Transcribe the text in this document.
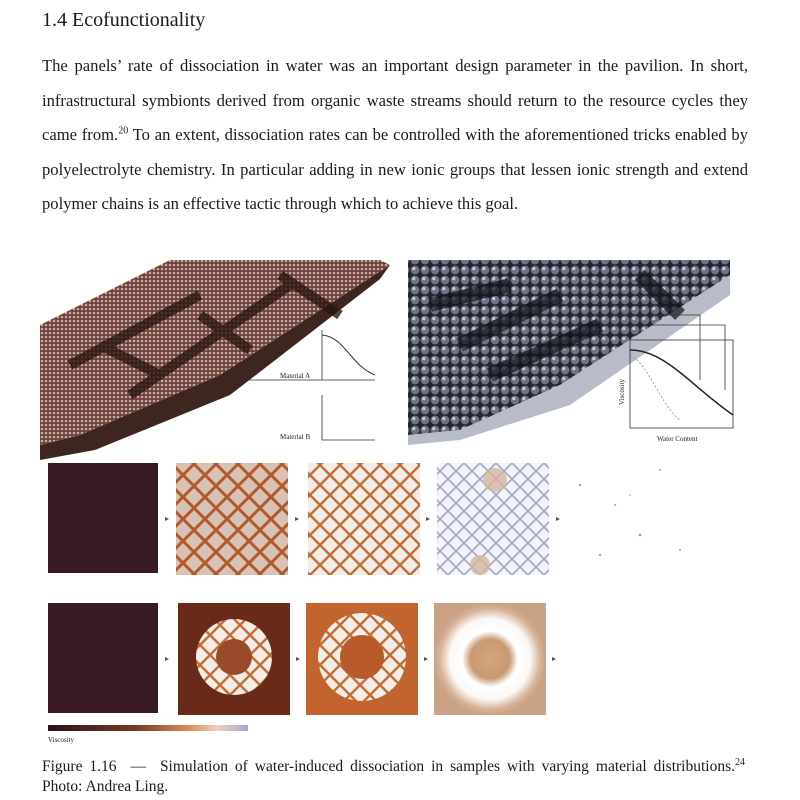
1.4 Ecofunctionality

The panels’ rate of dissociation in water was an important design parameter in the pavilion. In short, infrastructural symbionts derived from organic waste streams should return to the resource cycles they came from.$^{20}$ To an extent, dissociation rates can be controlled with the aforementioned tricks enabled by polyelectrolyte chemistry. In particular adding in new ionic groups that lessen ionic strength and extend polymer chains is an effective tactic through which to achieve this goal.

Material A
Material B
Viscosity
Water Content
Viscosity
Figure 1.16 — Simulation of water-induced dissociation in samples with varying material distributions.$^{24}$ Photo: Andrea Ling.
